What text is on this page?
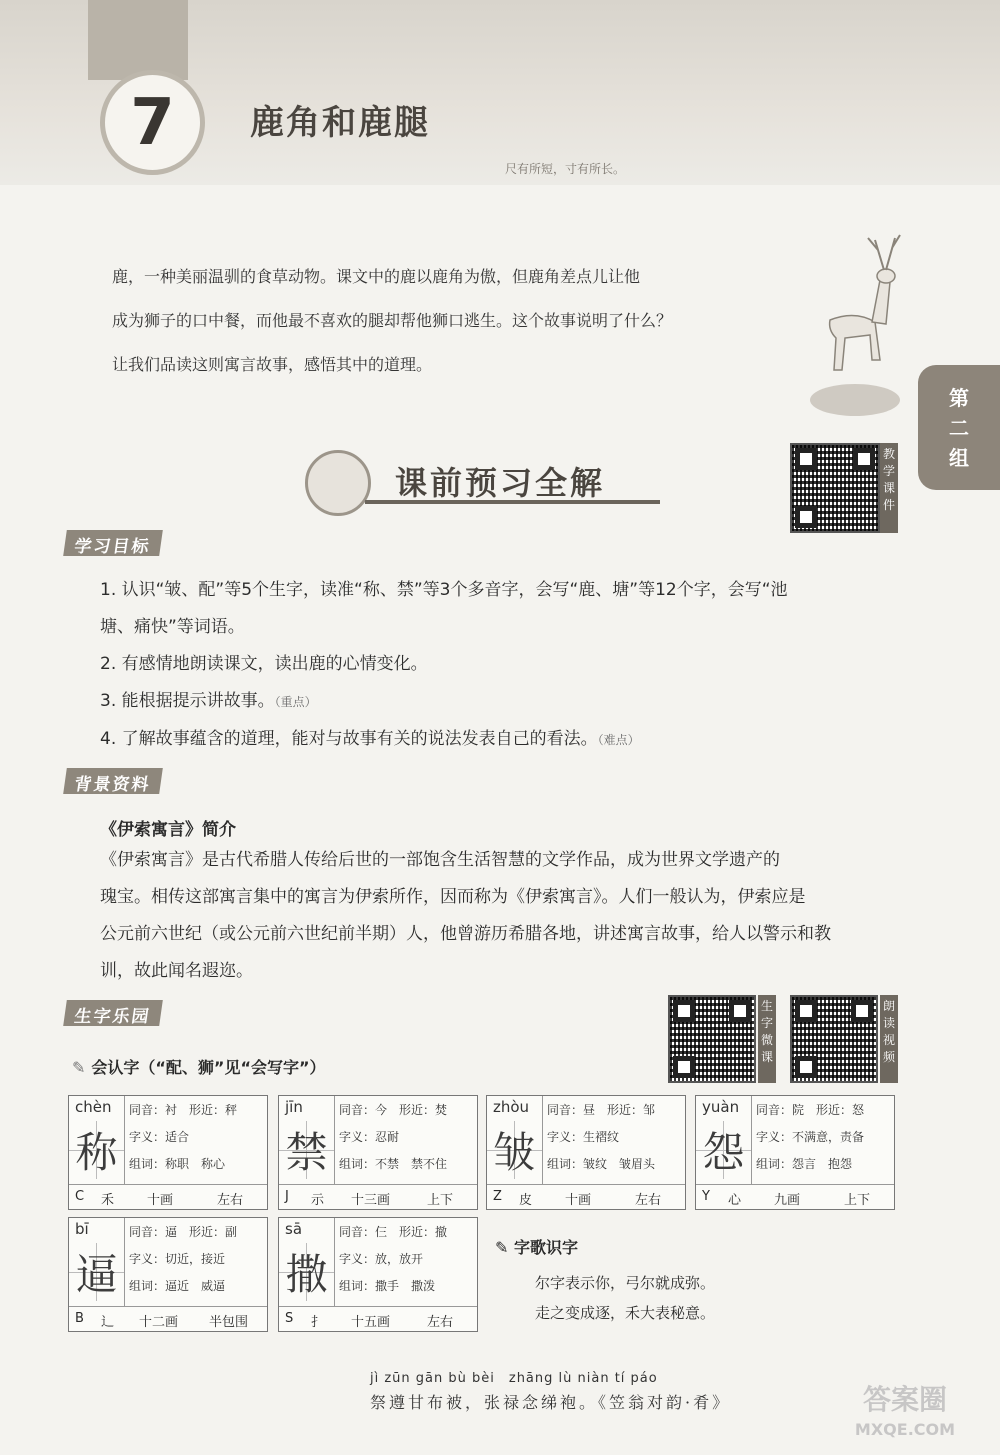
7	鹿角和鹿腿
尺有所短，寸有所长。

鹿，一种美丽温驯的食草动物。课文中的鹿以鹿角为傲，但鹿角差点儿让他

成为狮子的口中餐，而他最不喜欢的腿却帮他狮口逃生。这个故事说明了什么？

让我们品读这则寓言故事，感悟其中的道理。

第
二
组
课前预习全解
教学课件
学习目标
1. 认识“皱、配”等5个生字，读准“称、禁”等3个多音字，会写“鹿、塘”等12个字，会写“池
塘、痛快”等词语。
2. 有感情地朗读课文，读出鹿的心情变化。
3. 能根据提示讲故事。（重点）
4. 了解故事蕴含的道理，能对与故事有关的说法发表自己的看法。（难点）
背景资料
《伊索寓言》简介
《伊索寓言》是古代希腊人传给后世的一部饱含生活智慧的文学作品，成为世界文学遗产的
瑰宝。相传这部寓言集中的寓言为伊索所作，因而称为《伊索寓言》。人们一般认为，伊索应是
公元前六世纪（或公元前六世纪前半期）人，他曾游历希腊各地，讲述寓言故事，给人以警示和教
训，故此闻名遐迩。
生字乐园
生字微课
朗读视频
✎ 会认字（“配、狮”见“会写字”）
chèn
称
同音：衬　形近：秤
字义：适合
组词：称职　称心
C 禾	十画	左右
jīn
禁
同音：今　形近：焚
字义：忍耐
组词：不禁　禁不住
J 示 十三画	上下
zhòu
皱
同音：昼　形近：邹
字义：生褶纹
组词：皱纹　皱眉头
Z 皮	十画	左右
yuàn
怨
同音：院　形近：怒
字义：不满意，责备
组词：怨言　抱怨
Y 心	九画	上下
bī
逼
同音：逼　形近：副
字义：切近，接近
组词：逼近　威逼
B 辶 十二画 半包围
sā
撒
同音：仨　形近：撤
字义：放，放开
组词：撒手　撒泼
S 扌 十五画	左右
✎ 字歌识字
尔字表示你，弓尔就成弥。
走之变成逐，禾大表秘意。
jì zūn gān bù bèi　zhāng lù niàn tí páo
祭遵甘布被，张禄念绨袍。《笠翁对韵·肴》	答案圈
MXQE.COM
